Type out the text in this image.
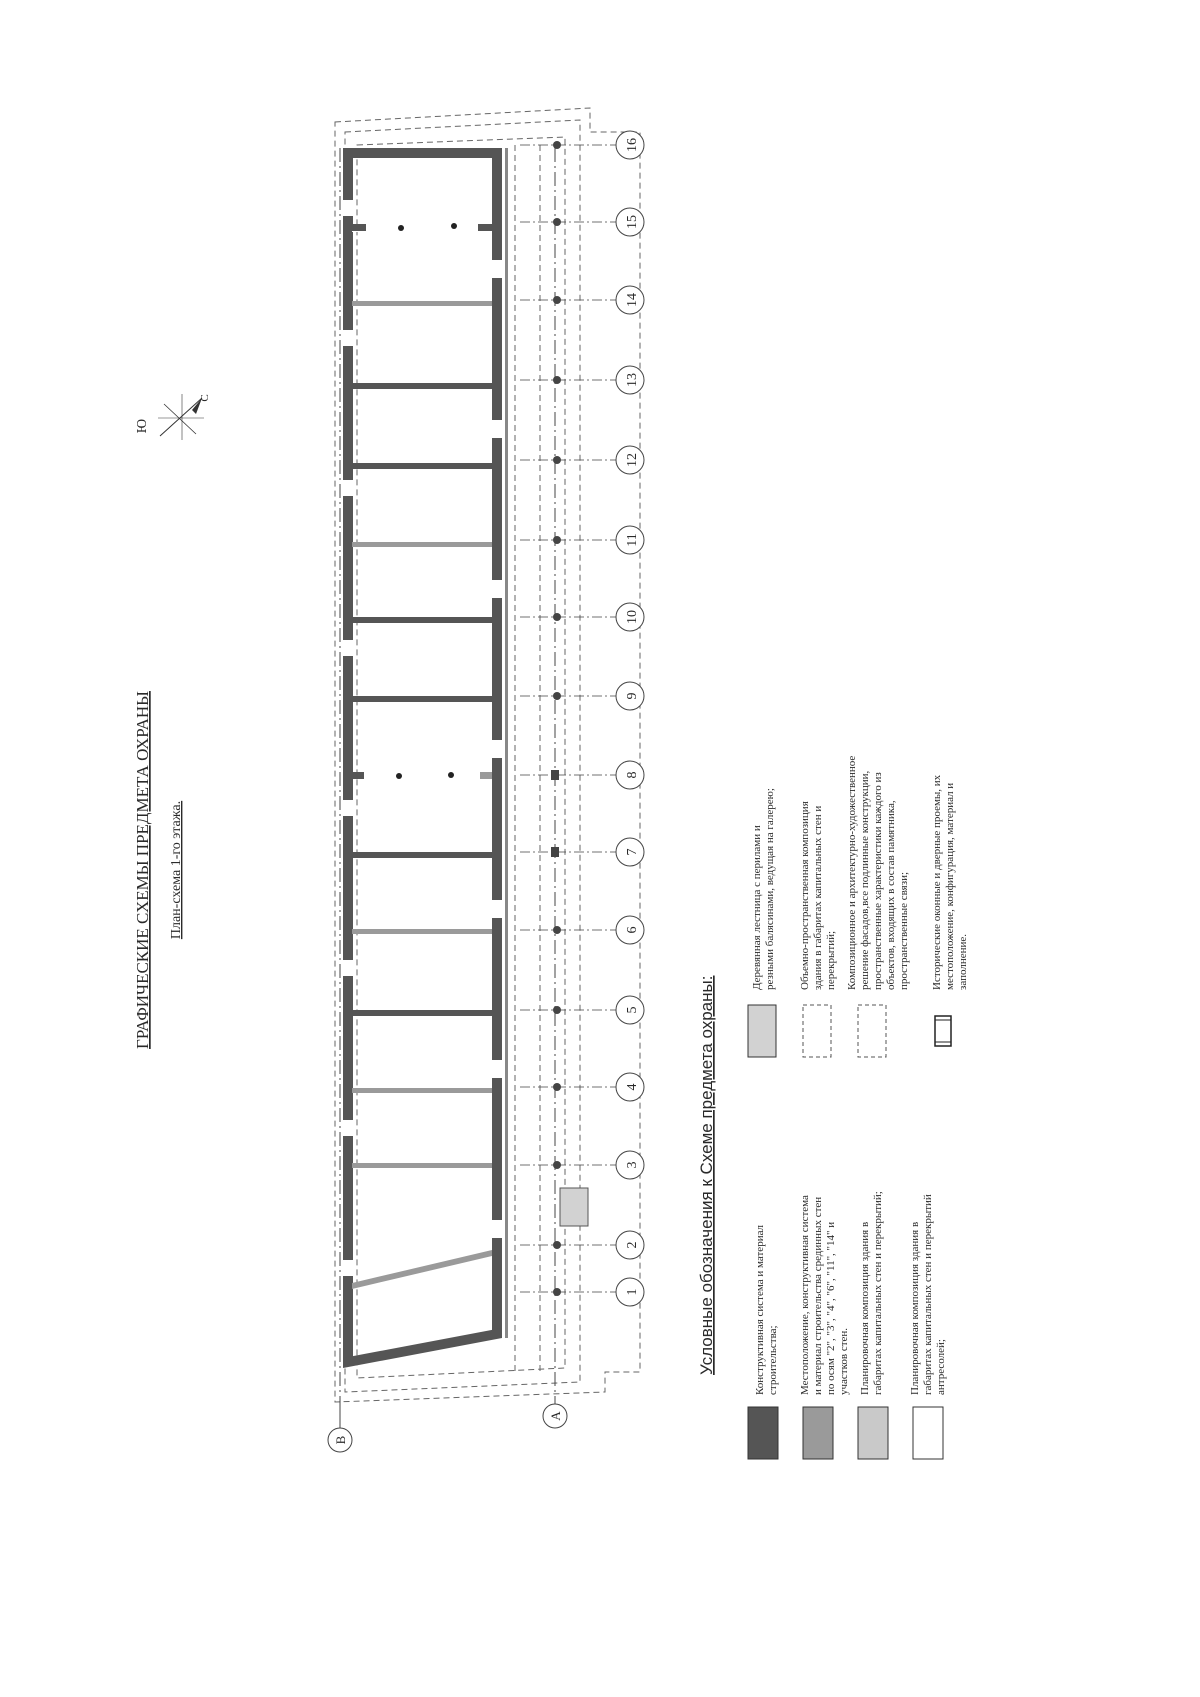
ГРАФИЧЕСКИЕ СХЕМЫ ПРЕДМЕТА ОХРАНЫ План-схема 1-го этажа.
Ю
С
1
2
3
4
5
6
7
8
9
10
11
12
13
14
15
16
В
А
Условные обозначения к Схеме предмета охраны:	Конструктивная система и материал строительства; Местоположение, конструктивная система и материал строительства срединных стен по осям "2", "3", "4", "6", "11", "14" и участков стен. Планировочная композиция здания в габаритах капитальных стен и перекрытий; Планировочная композиция здания в габаритах капитальных стен и перекрытий антресолей;
Деревянная лестница с перилами и резными балясинами, ведущая на галерею; Объемно-пространственная композиция здания в габаритах капитальных стен и перекрытий; Композиционное и архитектурно-художественное решение фасадов,все подлинные конструкции, пространственные характеристики каждого из объектов, входящих в состав памятника, пространственные связи; Исторические оконные и дверные проемы, их местоположение, конфигурация, материал и заполнение.
